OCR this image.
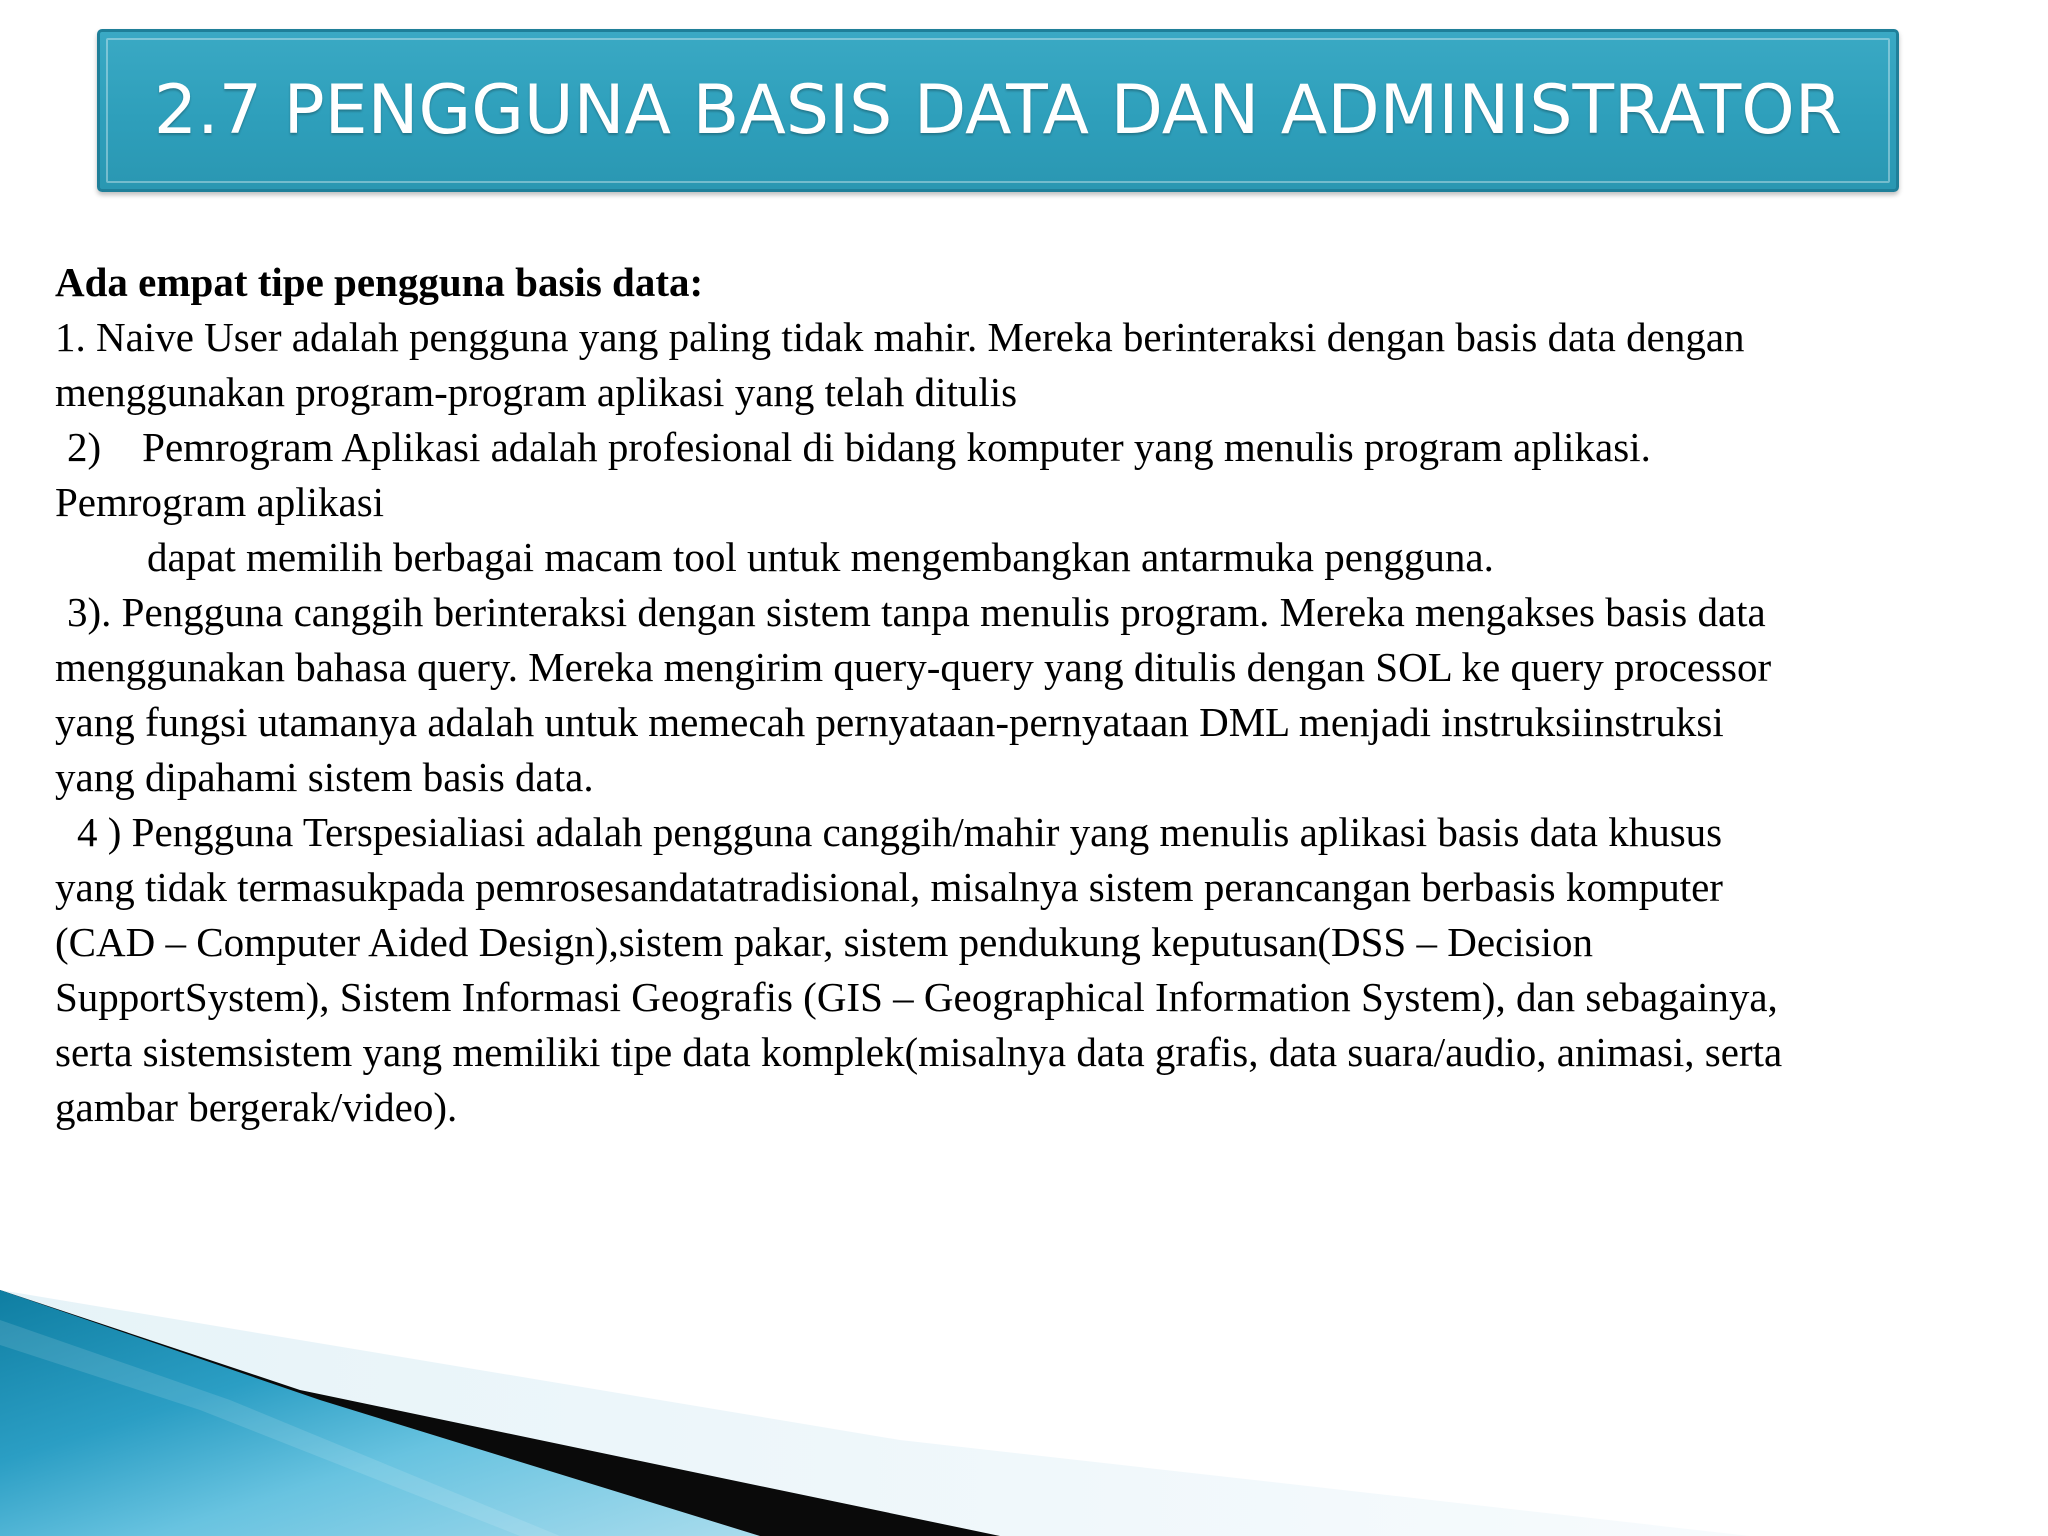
2.7 PENGGUNA BASIS DATA DAN ADMINISTRATOR

Ada empat tipe pengguna basis data:

1. Naive User adalah pengguna yang paling tidak mahir. Mereka berinteraksi dengan basis data dengan

menggunakan program-program aplikasi yang telah ditulis

2)    Pemrogram Aplikasi adalah profesional di bidang komputer yang menulis program aplikasi.

Pemrogram aplikasi

dapat memilih berbagai macam tool untuk mengembangkan antarmuka pengguna.

3). Pengguna canggih berinteraksi dengan sistem tanpa menulis program. Mereka mengakses basis data

menggunakan bahasa query. Mereka mengirim query-query yang ditulis dengan SOL ke query processor

yang fungsi utamanya adalah untuk memecah pernyataan-pernyataan DML menjadi instruksiinstruksi

yang dipahami sistem basis data.

4 ) Pengguna Terspesialiasi adalah pengguna canggih/mahir yang menulis aplikasi basis data khusus

yang tidak termasukpada pemrosesandatatradisional, misalnya sistem perancangan berbasis komputer

(CAD – Computer Aided Design),sistem pakar, sistem pendukung keputusan(DSS – Decision

SupportSystem), Sistem Informasi Geografis (GIS – Geographical Information System), dan sebagainya,

serta sistemsistem yang memiliki tipe data komplek(misalnya data grafis, data suara/audio, animasi, serta

gambar bergerak/video).
